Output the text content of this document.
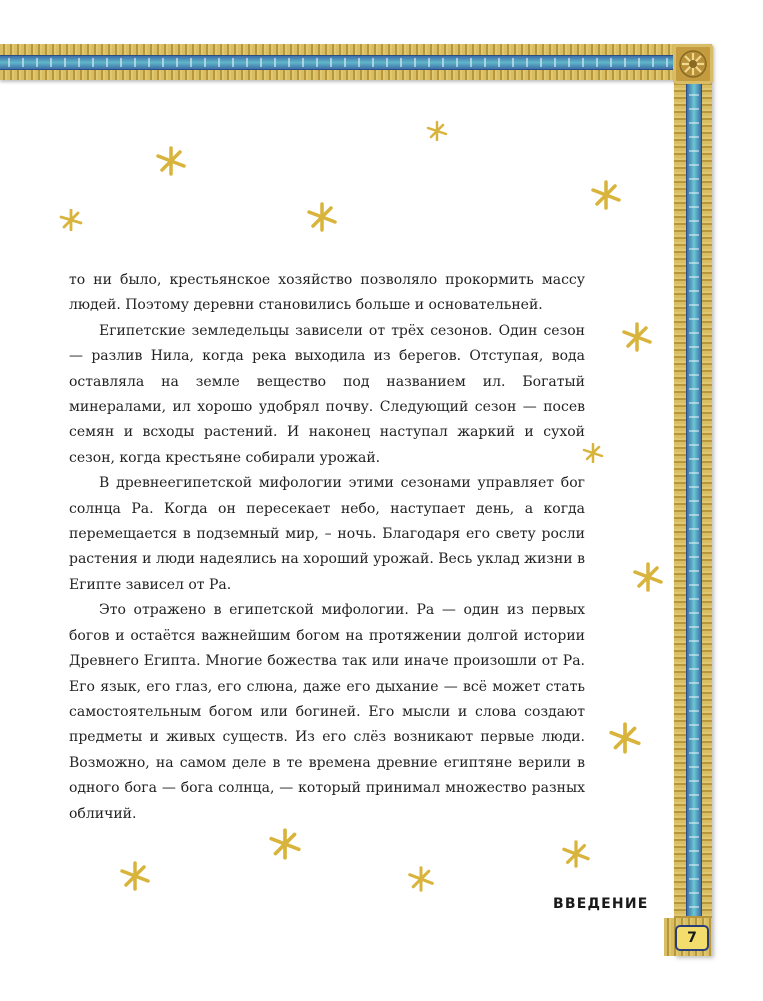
то ни было, крестьянское хозяйство позволяло прокормить массу людей. Поэтому деревни становились больше и основательней.

Египетские земледельцы зависели от трёх сезонов. Один сезон — разлив Нила, когда река выходила из берегов. Отступая, вода оставляла на земле вещество под названием ил. Богатый минералами, ил хорошо удобрял почву. Следующий сезон — посев семян и всходы растений. И наконец наступал жаркий и сухой сезон, когда крестьяне собирали урожай.

В древнеегипетской мифологии этими сезонами управляет бог солнца Ра. Когда он пересекает небо, наступает день, а когда перемещается в подземный мир, – ночь. Благодаря его свету росли растения и люди надеялись на хороший урожай. Весь уклад жизни в Египте зависел от Ра.

Это отражено в египетской мифологии. Ра — один из первых богов и остаётся важнейшим богом на протяжении долгой истории Древнего Египта. Многие божества так или иначе произошли от Ра. Его язык, его глаз, его слюна, даже его дыхание — всё может стать самостоятельным богом или богиней. Его мысли и слова создают предметы и живых существ. Из его слёз возникают первые люди. Возможно, на самом деле в те времена древние египтяне верили в одного бога — бога солнца, — который принимал множество разных обличий.

ВВЕДЕНИЕ
7
